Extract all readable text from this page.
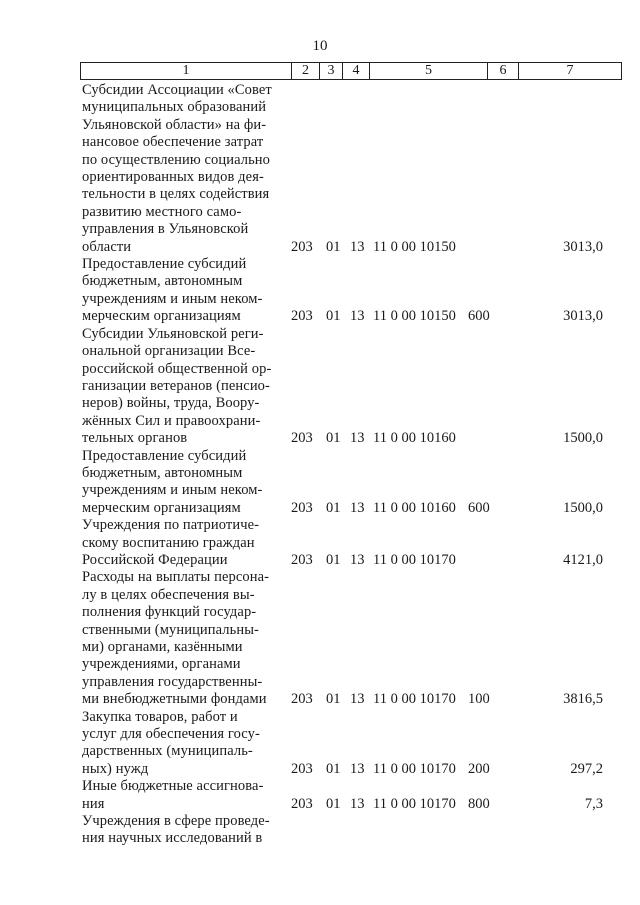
10
1	2	3	4	5	6	7
Субсидии Ассоциации «Совет
муниципальных образований
Ульяновской области» на фи-
нансовое обеспечение затрат
по осуществлению социально
ориентированных видов дея-
тельности в целях содействия
развитию местного само-
управления в Ульяновской
области	203 01 13 11 0 00 10150	3013,0
Предоставление субсидий
бюджетным, автономным
учреждениям и иным неком-
мерческим организациям	203 01 13 11 0 00 10150 600	3013,0
Субсидии Ульяновской реги-
ональной организации Все-
российской общественной ор-
ганизации ветеранов (пенсио-
неров) войны, труда, Воору-
жённых Сил и правоохрани-
тельных органов	203 01 13 11 0 00 10160	1500,0
Предоставление субсидий
бюджетным, автономным
учреждениям и иным неком-
мерческим организациям	203 01 13 11 0 00 10160 600	1500,0
Учреждения по патриотиче-
скому воспитанию граждан
Российской Федерации	203 01 13 11 0 00 10170	4121,0
Расходы на выплаты персона-
лу в целях обеспечения вы-
полнения функций государ-
ственными (муниципальны-
ми) органами, казёнными
учреждениями, органами
управления государственны-
ми внебюджетными фондами	203 01 13 11 0 00 10170 100	3816,5
Закупка товаров, работ и
услуг для обеспечения госу-
дарственных (муниципаль-
ных) нужд	203 01 13 11 0 00 10170 200	297,2
Иные бюджетные ассигнова-
ния	203 01 13 11 0 00 10170 800	7,3
Учреждения в сфере проведе-
ния научных исследований в
